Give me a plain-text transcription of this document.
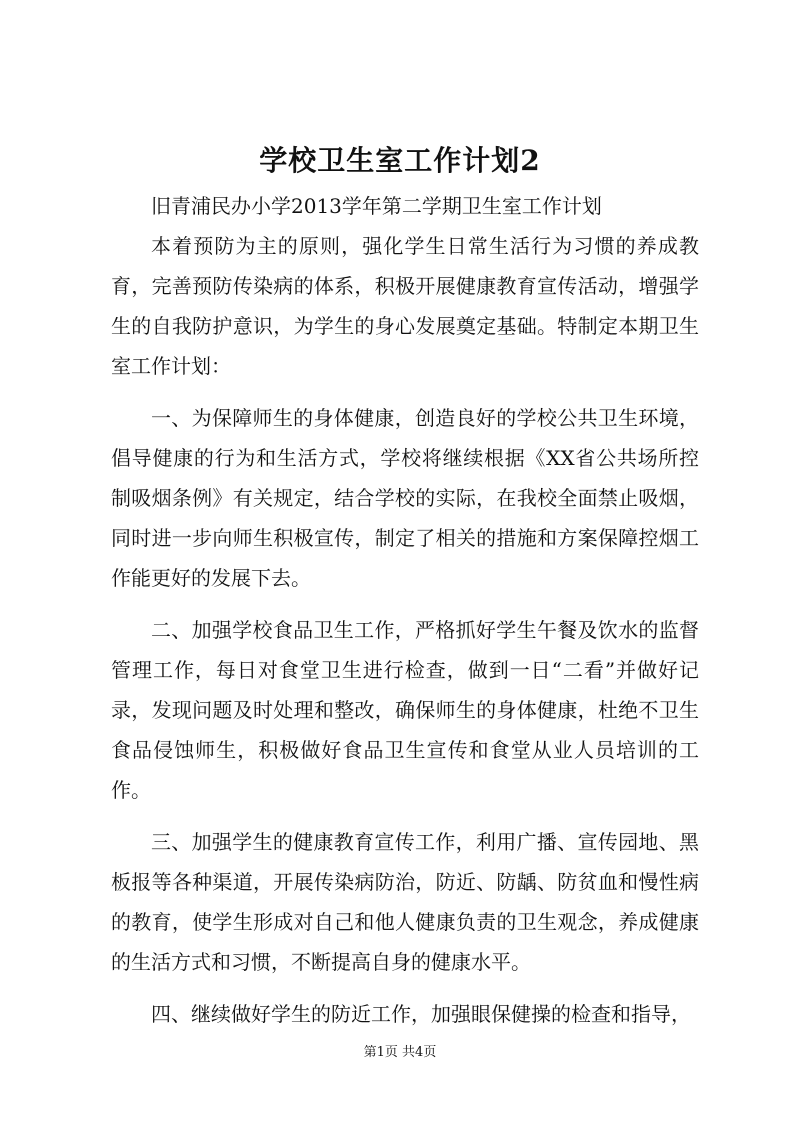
学校卫生室工作计划2

旧青浦民办小学2013学年第二学期卫生室工作计划

本着预防为主的原则，强化学生日常生活行为习惯的养成教育，完善预防传染病的体系，积极开展健康教育宣传活动，增强学生的自我防护意识，为学生的身心发展奠定基础。特制定本期卫生室工作计划：

一、为保障师生的身体健康，创造良好的学校公共卫生环境，倡导健康的行为和生活方式，学校将继续根据《XX省公共场所控制吸烟条例》有关规定，结合学校的实际，在我校全面禁止吸烟，同时进一步向师生积极宣传，制定了相关的措施和方案保障控烟工作能更好的发展下去。

二、加强学校食品卫生工作，严格抓好学生午餐及饮水的监督管理工作，每日对食堂卫生进行检查，做到一日“二看”并做好记录，发现问题及时处理和整改，确保师生的身体健康，杜绝不卫生食品侵蚀师生，积极做好食品卫生宣传和食堂从业人员培训的工作。

三、加强学生的健康教育宣传工作，利用广播、宣传园地、黑板报等各种渠道，开展传染病防治，防近、防龋、防贫血和慢性病的教育，使学生形成对自己和他人健康负责的卫生观念，养成健康的生活方式和习惯，不断提高自身的健康水平。

四、继续做好学生的防近工作，加强眼保健操的检查和指导，

第1页 共4页
